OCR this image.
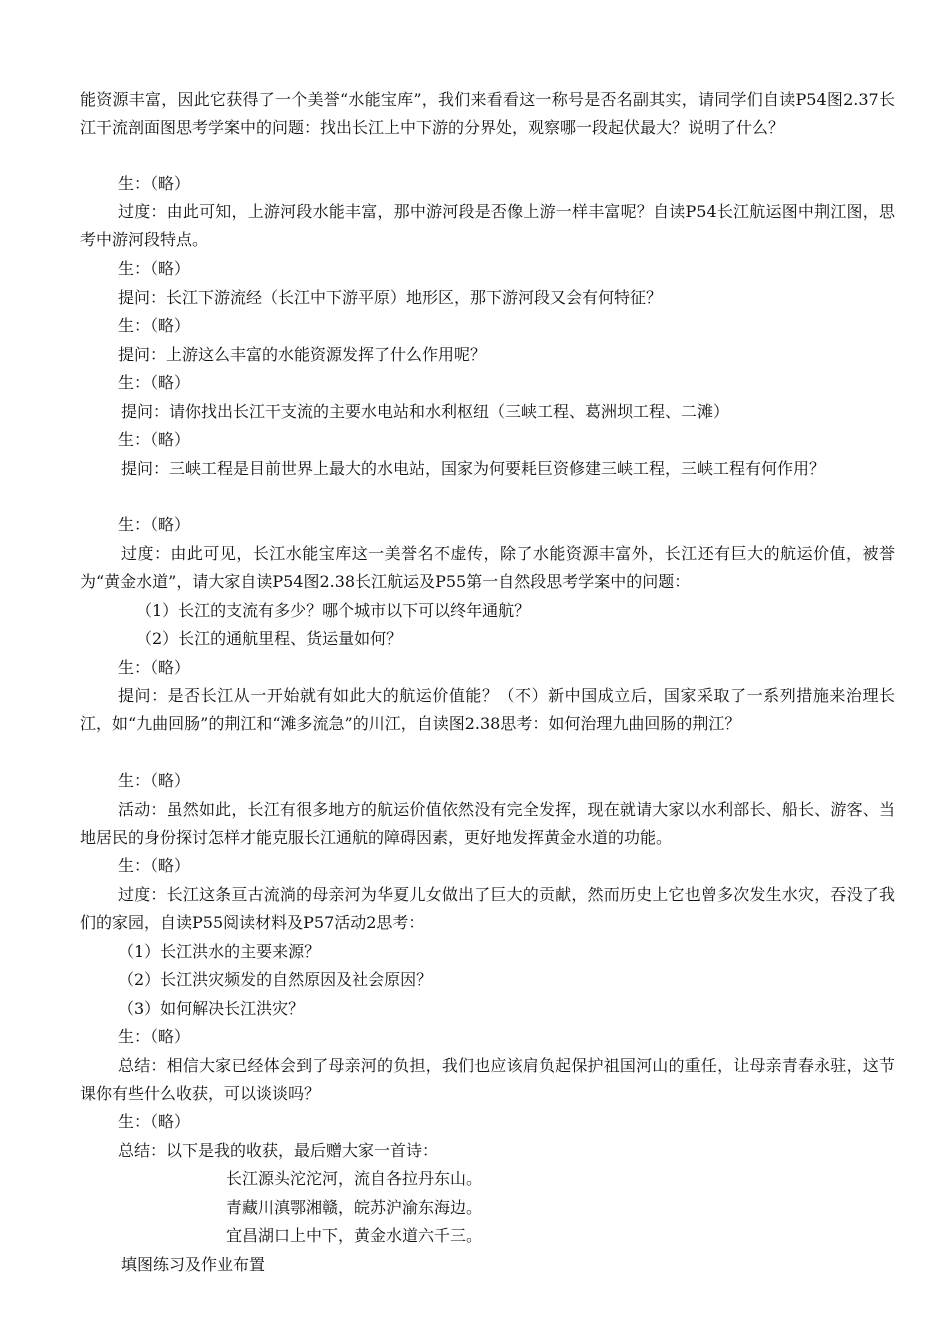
能资源丰富，因此它获得了一个美誉“水能宝库”，我们来看看这一称号是否名副其实，请同学们自读P54图2.37长江干流剖面图思考学案中的问题：找出长江上中下游的分界处，观察哪一段起伏最大？说明了什么？

生：（略）

过度：由此可知，上游河段水能丰富，那中游河段是否像上游一样丰富呢？自读P54长江航运图中荆江图，思考中游河段特点。

生：（略）

提问：长江下游流经（长江中下游平原）地形区，那下游河段又会有何特征？

生：（略）

提问：上游这么丰富的水能资源发挥了什么作用呢？

生：（略）

提问：请你找出长江干支流的主要水电站和水利枢纽（三峡工程、葛洲坝工程、二滩）

生：（略）

提问：三峡工程是目前世界上最大的水电站，国家为何要耗巨资修建三峡工程，三峡工程有何作用？

生：（略）

过度：由此可见，长江水能宝库这一美誉名不虚传，除了水能资源丰富外，长江还有巨大的航运价值，被誉为“黄金水道”，请大家自读P54图2.38长江航运及P55第一自然段思考学案中的问题：

（1）长江的支流有多少？哪个城市以下可以终年通航？

（2）长江的通航里程、货运量如何？

生：（略）

提问：是否长江从一开始就有如此大的航运价值能？（不）新中国成立后，国家采取了一系列措施来治理长江，如“九曲回肠”的荆江和“滩多流急”的川江，自读图2.38思考：如何治理九曲回肠的荆江？

生：（略）

活动：虽然如此，长江有很多地方的航运价值依然没有完全发挥，现在就请大家以水利部长、船长、游客、当地居民的身份探讨怎样才能克服长江通航的障碍因素，更好地发挥黄金水道的功能。

生：（略）

过度：长江这条亘古流淌的母亲河为华夏儿女做出了巨大的贡献，然而历史上它也曾多次发生水灾，吞没了我们的家园，自读P55阅读材料及P57活动2思考：

（1）长江洪水的主要来源？

（2）长江洪灾频发的自然原因及社会原因？

（3）如何解决长江洪灾？

生：（略）

总结：相信大家已经体会到了母亲河的负担，我们也应该肩负起保护祖国河山的重任，让母亲青春永驻，这节课你有些什么收获，可以谈谈吗？

生：（略）

总结：以下是我的收获，最后赠大家一首诗：

长江源头沱沱河，流自各拉丹东山。

青藏川滇鄂湘赣，皖苏沪渝东海边。

宜昌湖口上中下，黄金水道六千三。

填图练习及作业布置
